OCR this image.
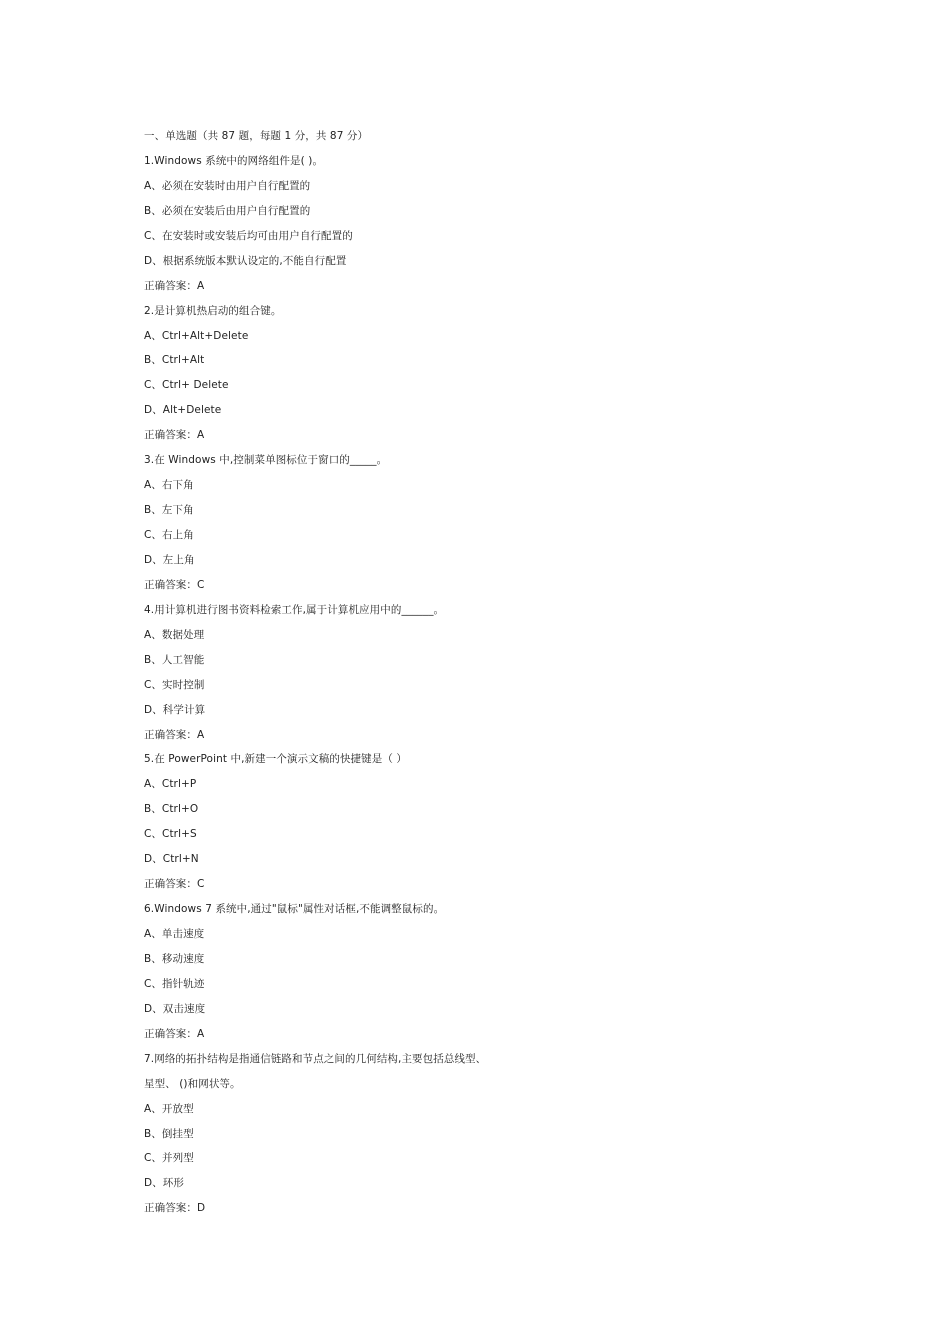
一、单选题（共 87 题，每题 1 分，共 87 分）
1.Windows 系统中的网络组件是( )。
A、必须在安装时由用户自行配置的
B、必须在安装后由用户自行配置的
C、在安装时或安装后均可由用户自行配置的
D、根据系统版本默认设定的,不能自行配置
正确答案：A
2.是计算机热启动的组合键。
A、Ctrl+Alt+Delete
B、Ctrl+Alt
C、Ctrl+ Delete
D、Alt+Delete
正确答案：A
3.在 Windows 中,控制菜单图标位于窗口的_____。
A、右下角
B、左下角
C、右上角
D、左上角
正确答案：C
4.用计算机进行图书资料检索工作,属于计算机应用中的______。
A、数据处理
B、人工智能
C、实时控制
D、科学计算
正确答案：A
5.在 PowerPoint 中,新建一个演示文稿的快捷键是（ ）
A、Ctrl+P
B、Ctrl+O
C、Ctrl+S
D、Ctrl+N
正确答案：C
6.Windows 7 系统中,通过"鼠标"属性对话框,不能调整鼠标的。
A、单击速度
B、移动速度
C、指针轨迹
D、双击速度
正确答案：A
7.网络的拓扑结构是指通信链路和节点之间的几何结构,主要包括总线型、
星型、 ()和网状等。
A、开放型
B、倒挂型
C、并列型
D、环形
正确答案：D
